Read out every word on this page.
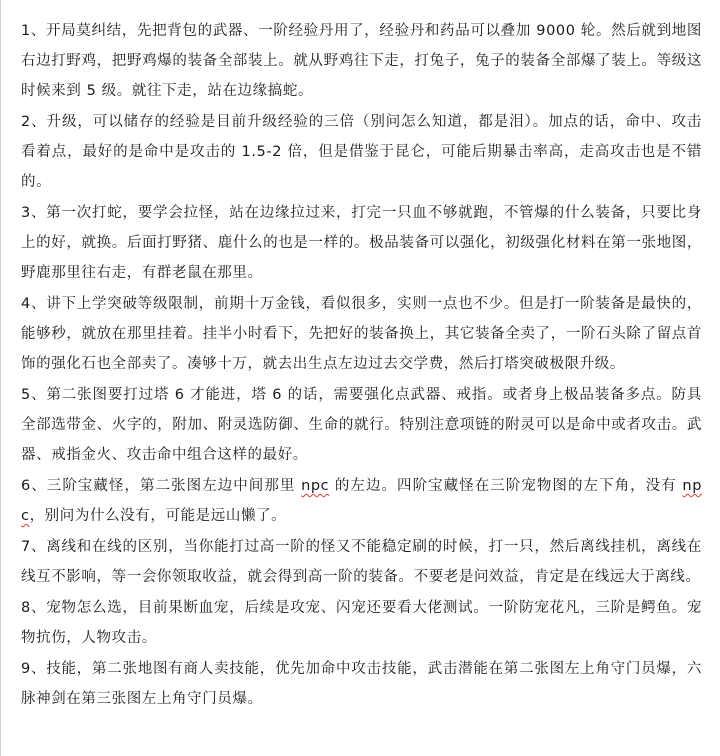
1、开局莫纠结，先把背包的武器、一阶经验丹用了，经验丹和药品可以叠加 9000 轮。然后就到地图右边打野鸡，把野鸡爆的装备全部装上。就从野鸡往下走，打兔子，兔子的装备全部爆了装上。等级这时候来到 5 级。就往下走，站在边缘搞蛇。

2、升级，可以储存的经验是目前升级经验的三倍（别问怎么知道，都是泪）。加点的话，命中、攻击看着点，最好的是命中是攻击的 1.5-2 倍，但是借鉴于昆仑，可能后期暴击率高，走高攻击也是不错的。

3、第一次打蛇，要学会拉怪，站在边缘拉过来，打完一只血不够就跑，不管爆的什么装备，只要比身上的好，就换。后面打野猪、鹿什么的也是一样的。极品装备可以强化，初级强化材料在第一张地图，野鹿那里往右走，有群老鼠在那里。

4、讲下上学突破等级限制，前期十万金钱，看似很多，实则一点也不少。但是打一阶装备是最快的，能够秒，就放在那里挂着。挂半小时看下，先把好的装备换上，其它装备全卖了，一阶石头除了留点首饰的强化石也全部卖了。凑够十万，就去出生点左边过去交学费，然后打塔突破极限升级。

5、第二张图要打过塔 6 才能进，塔 6 的话，需要强化点武器、戒指。或者身上极品装备多点。防具全部选带金、火字的，附加、附灵选防御、生命的就行。特别注意项链的附灵可以是命中或者攻击。武器、戒指金火、攻击命中组合这样的最好。

6、三阶宝藏怪，第二张图左边中间那里 npc 的左边。四阶宝藏怪在三阶宠物图的左下角，没有 npc，别问为什么没有，可能是远山懒了。

7、离线和在线的区别，当你能打过高一阶的怪又不能稳定刷的时候，打一只，然后离线挂机，离线在线互不影响，等一会你领取收益，就会得到高一阶的装备。不要老是问效益，肯定是在线远大于离线。

8、宠物怎么选，目前果断血宠，后续是攻宠、闪宠还要看大佬测试。一阶防宠花凡，三阶是鳄鱼。宠物抗伤，人物攻击。

9、技能，第二张地图有商人卖技能，优先加命中攻击技能，武击潜能在第二张图左上角守门员爆，六脉神剑在第三张图左上角守门员爆。
